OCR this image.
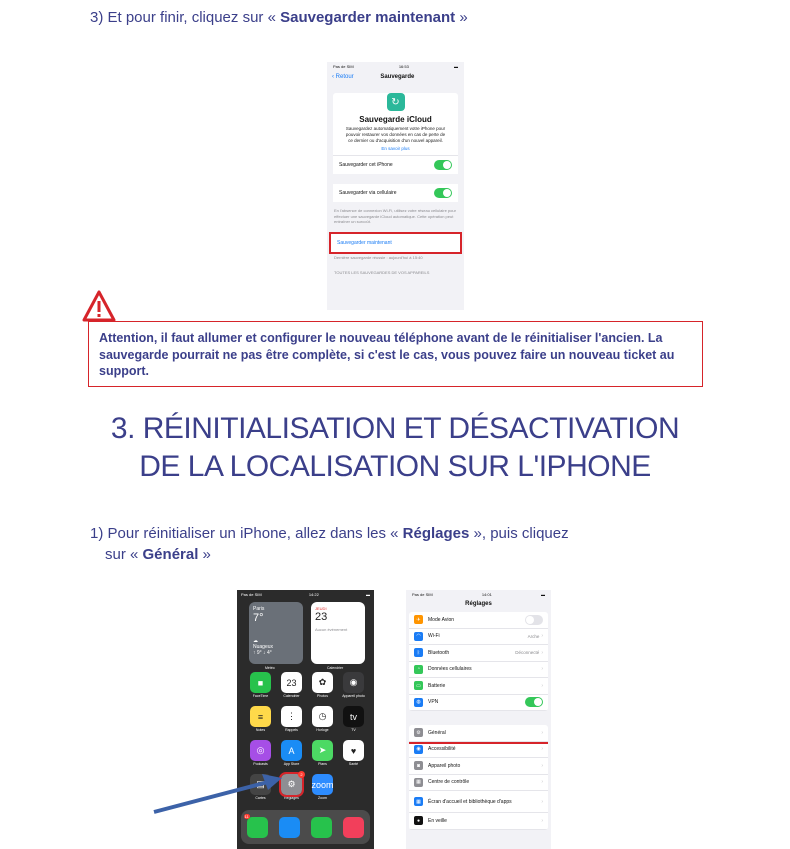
3) Et pour finir, cliquez sur « Sauvegarder maintenant »

Pas de SIM	16:53	▬
‹ Retour	Sauvegarde
↻
Sauvegarde iCloud
Sauvegardez automatiquement votre iPhone pour pouvoir restaurer vos données en cas de perte de ce dernier ou d'acquisition d'un nouvel appareil.
En savoir plus
Sauvegarder cet iPhone
Sauvegarder via cellulaire
En l'absence de connexion Wi-Fi, utilisez votre réseau cellulaire pour effectuer une sauvegarde iCloud automatique. Cette opération peut entraîner un surcoût.
Sauvegarder maintenant
Dernière sauvegarde réussie : aujourd'hui à 15:40
TOUTES LES SAUVEGARDES DE VOS APPAREILS
Attention, il faut allumer et configurer le nouveau téléphone avant de le réinitialiser l'ancien. La sauvegarde pourrait ne pas être complète, si c'est le cas, vous pouvez faire un nouveau ticket au support.
3. RÉINITIALISATION ET DÉSACTIVATION
DE LA LOCALISATION SUR L'IPHONE

1) Pour réinitialiser un iPhone, allez dans les « Réglages », puis cliquez

sur « Général »

Pas de SIM	14:22	▬
Paris
7°
☁
Nuageux
↑ 9° ↓ 4°
JEUDI
23
Aucun événement
Météo	Calendrier
■
FaceTime
23
Calendrier
✿
Photos
◉
Appareil photo
≡
Notes
⋮
Rappels
◷
Horloge
tv
TV
◎
Podcasts
A
App Store
➤
Plans
♥
Santé
Cartes
⚙
2
Réglages
zoom
Zoom
11
Pas de SIM	14:01	▬
Réglages
✈	Mode Avion
◠	Wi-Fi	Arche ›
ᛒ	Bluetooth	Déconnecté ›
◔	Données cellulaires	›
▭	Batterie	›
◍	VPN
⚙	Général	›
◉	Accessibilité	›
◙	Appareil photo	›
▦	Centre de contrôle	›
▦	Écran d'accueil et bibliothèque d'apps	›
●	En veille	›
